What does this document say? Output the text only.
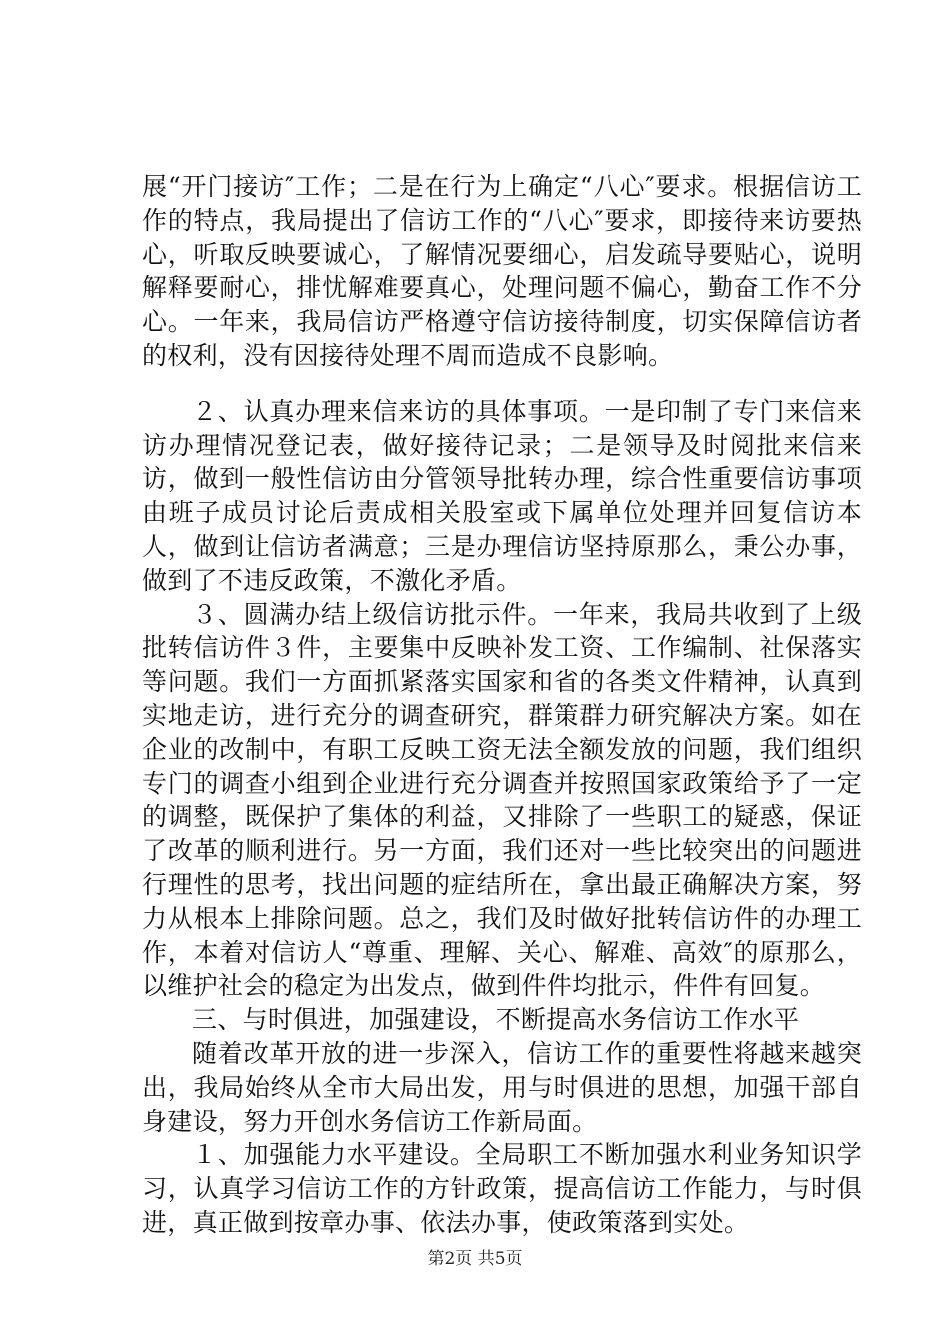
展“开门接访″工作；二是在行为上确定“八心″要求。根据信访工作的特点，我局提出了信访工作的“八心″要求，即接待来访要热心，听取反映要诚心，了解情况要细心，启发疏导要贴心，说明解释要耐心，排忧解难要真心，处理问题不偏心，勤奋工作不分心。一年来，我局信访严格遵守信访接待制度，切实保障信访者的权利，没有因接待处理不周而造成不良影响。

２、认真办理来信来访的具体事项。一是印制了专门来信来访办理情况登记表，做好接待记录；二是领导及时阅批来信来访，做到一般性信访由分管领导批转办理，综合性重要信访事项由班子成员讨论后责成相关股室或下属单位处理并回复信访本人，做到让信访者满意；三是办理信访坚持原那么，秉公办事，做到了不违反政策，不激化矛盾。

３、圆满办结上级信访批示件。一年来，我局共收到了上级批转信访件３件，主要集中反映补发工资、工作编制、社保落实等问题。我们一方面抓紧落实国家和省的各类文件精神，认真到实地走访，进行充分的调查研究，群策群力研究解决方案。如在企业的改制中，有职工反映工资无法全额发放的问题，我们组织专门的调查小组到企业进行充分调查并按照国家政策给予了一定的调整，既保护了集体的利益，又排除了一些职工的疑惑，保证了改革的顺利进行。另一方面，我们还对一些比较突出的问题进行理性的思考，找出问题的症结所在，拿出最正确解决方案，努力从根本上排除问题。总之，我们及时做好批转信访件的办理工作，本着对信访人“尊重、理解、关心、解难、高效″的原那么，以维护社会的稳定为出发点，做到件件均批示，件件有回复。

三、与时俱进，加强建设，不断提高水务信访工作水平

随着改革开放的进一步深入，信访工作的重要性将越来越突出，我局始终从全市大局出发，用与时俱进的思想，加强干部自身建设，努力开创水务信访工作新局面。

１、加强能力水平建设。全局职工不断加强水利业务知识学习，认真学习信访工作的方针政策，提高信访工作能力，与时俱进，真正做到按章办事、依法办事，使政策落到实处。

第2页 共5页
